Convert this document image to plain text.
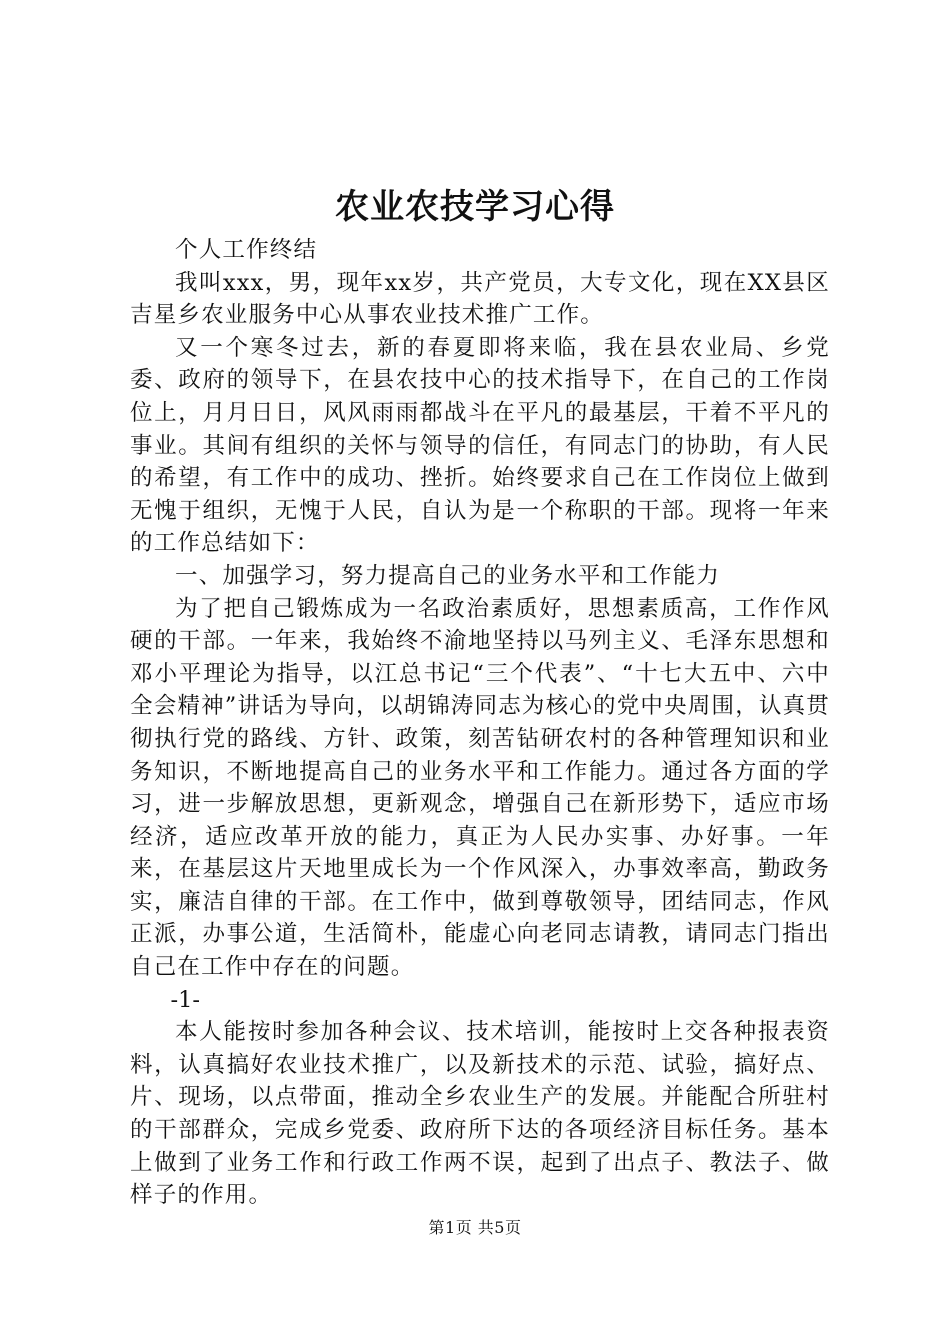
农业农技学习心得

个人工作终结

我叫xxx，男，现年xx岁，共产党员，大专文化，现在XX县区吉星乡农业服务中心从事农业技术推广工作。

又一个寒冬过去，新的春夏即将来临，我在县农业局、乡党委、政府的领导下，在县农技中心的技术指导下，在自己的工作岗位上，月月日日，风风雨雨都战斗在平凡的最基层，干着不平凡的事业。其间有组织的关怀与领导的信任，有同志门的协助，有人民的希望，有工作中的成功、挫折。始终要求自己在工作岗位上做到无愧于组织，无愧于人民，自认为是一个称职的干部。现将一年来的工作总结如下：

一、加强学习，努力提高自己的业务水平和工作能力

为了把自己锻炼成为一名政治素质好，思想素质高，工作作风硬的干部。一年来，我始终不渝地坚持以马列主义、毛泽东思想和邓小平理论为指导，以江总书记“三个代表”、“十七大五中、六中全会精神”讲话为导向，以胡锦涛同志为核心的党中央周围，认真贯彻执行党的路线、方针、政策，刻苦钻研农村的各种管理知识和业务知识，不断地提高自己的业务水平和工作能力。通过各方面的学习，进一步解放思想，更新观念，增强自己在新形势下，适应市场经济，适应改革开放的能力，真正为人民办实事、办好事。一年来，在基层这片天地里成长为一个作风深入，办事效率高，勤政务实，廉洁自律的干部。在工作中，做到尊敬领导，团结同志，作风正派，办事公道，生活简朴，能虚心向老同志请教，请同志门指出自己在工作中存在的问题。

-1-

本人能按时参加各种会议、技术培训，能按时上交各种报表资料，认真搞好农业技术推广，以及新技术的示范、试验，搞好点、片、现场，以点带面，推动全乡农业生产的发展。并能配合所驻村的干部群众，完成乡党委、政府所下达的各项经济目标任务。基本上做到了业务工作和行政工作两不误，起到了出点子、教法子、做样子的作用。

第1页 共5页
